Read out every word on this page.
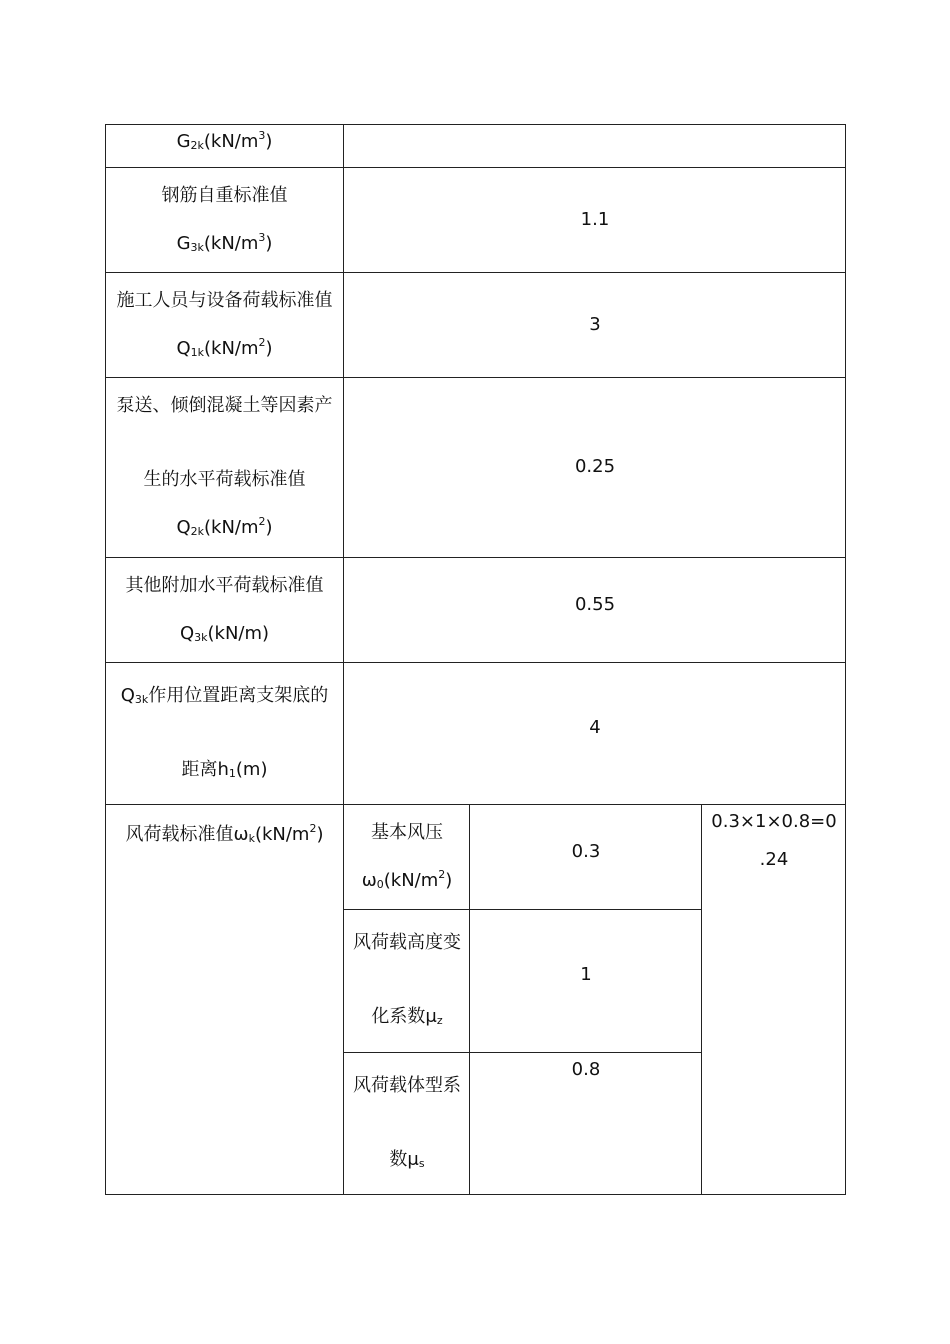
$G_{2k}(kN/m^3)$
钢筋自重标准值
$G_{3k}(kN/m^3)$
1.1
施工人员与设备荷载标准值
$Q_{1k}(kN/m^2)$
3
泵送、倾倒混凝土等因素产
生的水平荷载标准值
$Q_{2k}(kN/m^2)$
0.25
其他附加水平荷载标准值
$Q_{3k}(kN/m)$
0.55
$Q_{3k}$作用位置距离支架底的
距离$h_1(m)$
4
风荷载标准值$\omega_k(kN/m^2)$	基本风压
$\omega_0(kN/m^2)$
0.3
风荷载高度变
化系数$\mu_z$
1
风荷载体型系
数$\mu_s$
0.8
0.3×1×0.8=0
.24
